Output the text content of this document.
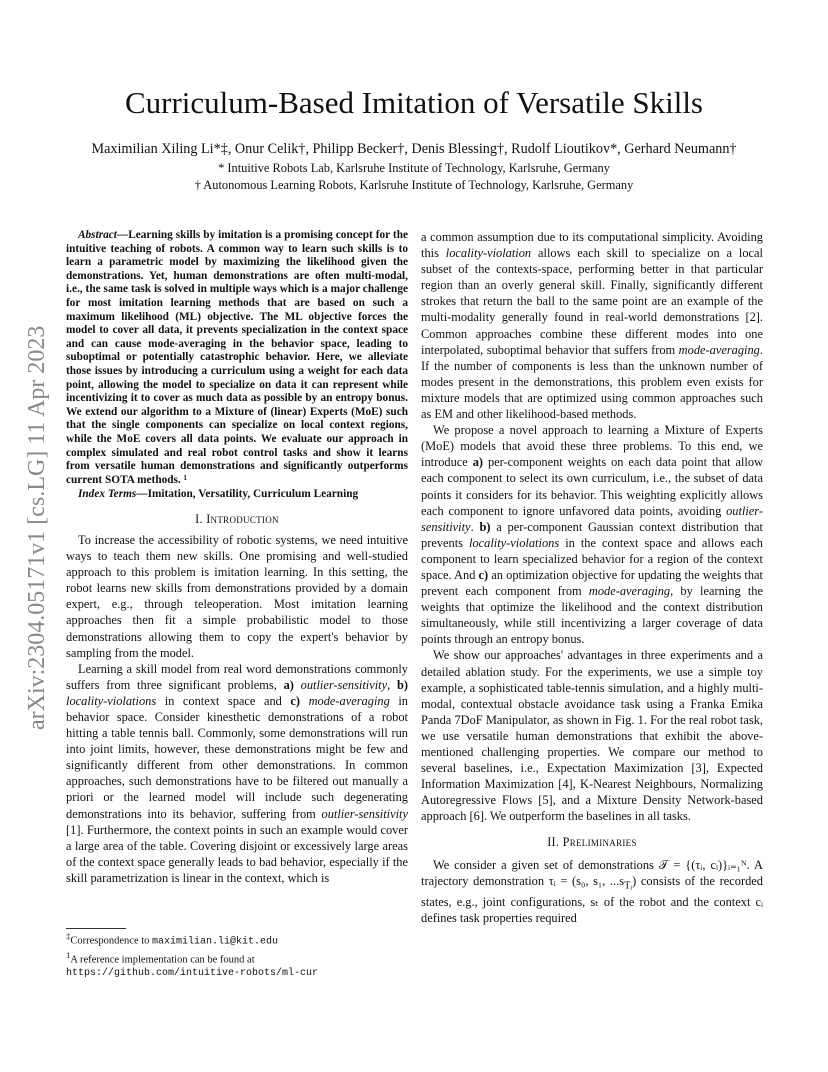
arXiv:2304.05171v1 [cs.LG] 11 Apr 2023
Curriculum-Based Imitation of Versatile Skills
Maximilian Xiling Li*‡, Onur Celik†, Philipp Becker†, Denis Blessing†, Rudolf Lioutikov*, Gerhard Neumann†
* Intuitive Robots Lab, Karlsruhe Institute of Technology, Karlsruhe, Germany
† Autonomous Learning Robots, Karlsruhe Institute of Technology, Karlsruhe, Germany

Abstract—Learning skills by imitation is a promising concept for the intuitive teaching of robots. A common way to learn such skills is to learn a parametric model by maximizing the likelihood given the demonstrations. Yet, human demonstrations are often multi-modal, i.e., the same task is solved in multiple ways which is a major challenge for most imitation learning methods that are based on such a maximum likelihood (ML) objective. The ML objective forces the model to cover all data, it prevents specialization in the context space and can cause mode-averaging in the behavior space, leading to suboptimal or potentially catastrophic behavior. Here, we alleviate those issues by introducing a curriculum using a weight for each data point, allowing the model to specialize on data it can represent while incentivizing it to cover as much data as possible by an entropy bonus. We extend our algorithm to a Mixture of (linear) Experts (MoE) such that the single components can specialize on local context regions, while the MoE covers all data points. We evaluate our approach in complex simulated and real robot control tasks and show it learns from versatile human demonstrations and significantly outperforms current SOTA methods. ¹

Index Terms—Imitation, Versatility, Curriculum Learning

I. Introduction

To increase the accessibility of robotic systems, we need intuitive ways to teach them new skills. One promising and well-studied approach to this problem is imitation learning. In this setting, the robot learns new skills from demonstrations provided by a domain expert, e.g., through teleoperation. Most imitation learning approaches then fit a simple probabilistic model to those demonstrations allowing them to copy the expert's behavior by sampling from the model.

Learning a skill model from real word demonstrations commonly suffers from three significant problems, a) outlier-sensitivity, b) locality-violations in context space and c) mode-averaging in behavior space. Consider kinesthetic demonstrations of a robot hitting a table tennis ball. Commonly, some demonstrations will run into joint limits, however, these demonstrations might be few and significantly different from other demonstrations. In common approaches, such demonstrations have to be filtered out manually a priori or the learned model will include such degenerating demonstrations into its behavior, suffering from outlier-sensitivity [1]. Furthermore, the context points in such an example would cover a large area of the table. Covering disjoint or excessively large areas of the context space generally leads to bad behavior, especially if the skill parametrization is linear in the context, which is

a common assumption due to its computational simplicity. Avoiding this locality-violation allows each skill to specialize on a local subset of the contexts-space, performing better in that particular region than an overly general skill. Finally, significantly different strokes that return the ball to the same point are an example of the multi-modality generally found in real-world demonstrations [2]. Common approaches combine these different modes into one interpolated, suboptimal behavior that suffers from mode-averaging. If the number of components is less than the unknown number of modes present in the demonstrations, this problem even exists for mixture models that are optimized using common approaches such as EM and other likelihood-based methods.

We propose a novel approach to learning a Mixture of Experts (MoE) models that avoid these three problems. To this end, we introduce a) per-component weights on each data point that allow each component to select its own curriculum, i.e., the subset of data points it considers for its behavior. This weighting explicitly allows each component to ignore unfavored data points, avoiding outlier-sensitivity. b) a per-component Gaussian context distribution that prevents locality-violations in the context space and allows each component to learn specialized behavior for a region of the context space. And c) an optimization objective for updating the weights that prevent each component from mode-averaging, by learning the weights that optimize the likelihood and the context distribution simultaneously, while still incentivizing a larger coverage of data points through an entropy bonus.

We show our approaches' advantages in three experiments and a detailed ablation study. For the experiments, we use a simple toy example, a sophisticated table-tennis simulation, and a highly multi-modal, contextual obstacle avoidance task using a Franka Emika Panda 7DoF Manipulator, as shown in Fig. 1. For the real robot task, we use versatile human demonstrations that exhibit the above-mentioned challenging properties. We compare our method to several baselines, i.e., Expectation Maximization [3], Expected Information Maximization [4], K-Nearest Neighbours, Normalizing Autoregressive Flows [5], and a Mixture Density Network-based approach [6]. We outperform the baselines in all tasks.

II. Preliminaries

We consider a given set of demonstrations 𝒯 = {(τᵢ, cᵢ)}ᵢ₌₁ᴺ. A trajectory demonstration τᵢ = (s₀, s₁, $...s_{Tᵢ}$) consists of the recorded states, e.g., joint configurations, sₜ of the robot and the context cᵢ defines task properties required

‡Correspondence to maximilian.li@kit.edu

$^1$A reference implementation can be found at

https://github.com/intuitive-robots/ml-cur
